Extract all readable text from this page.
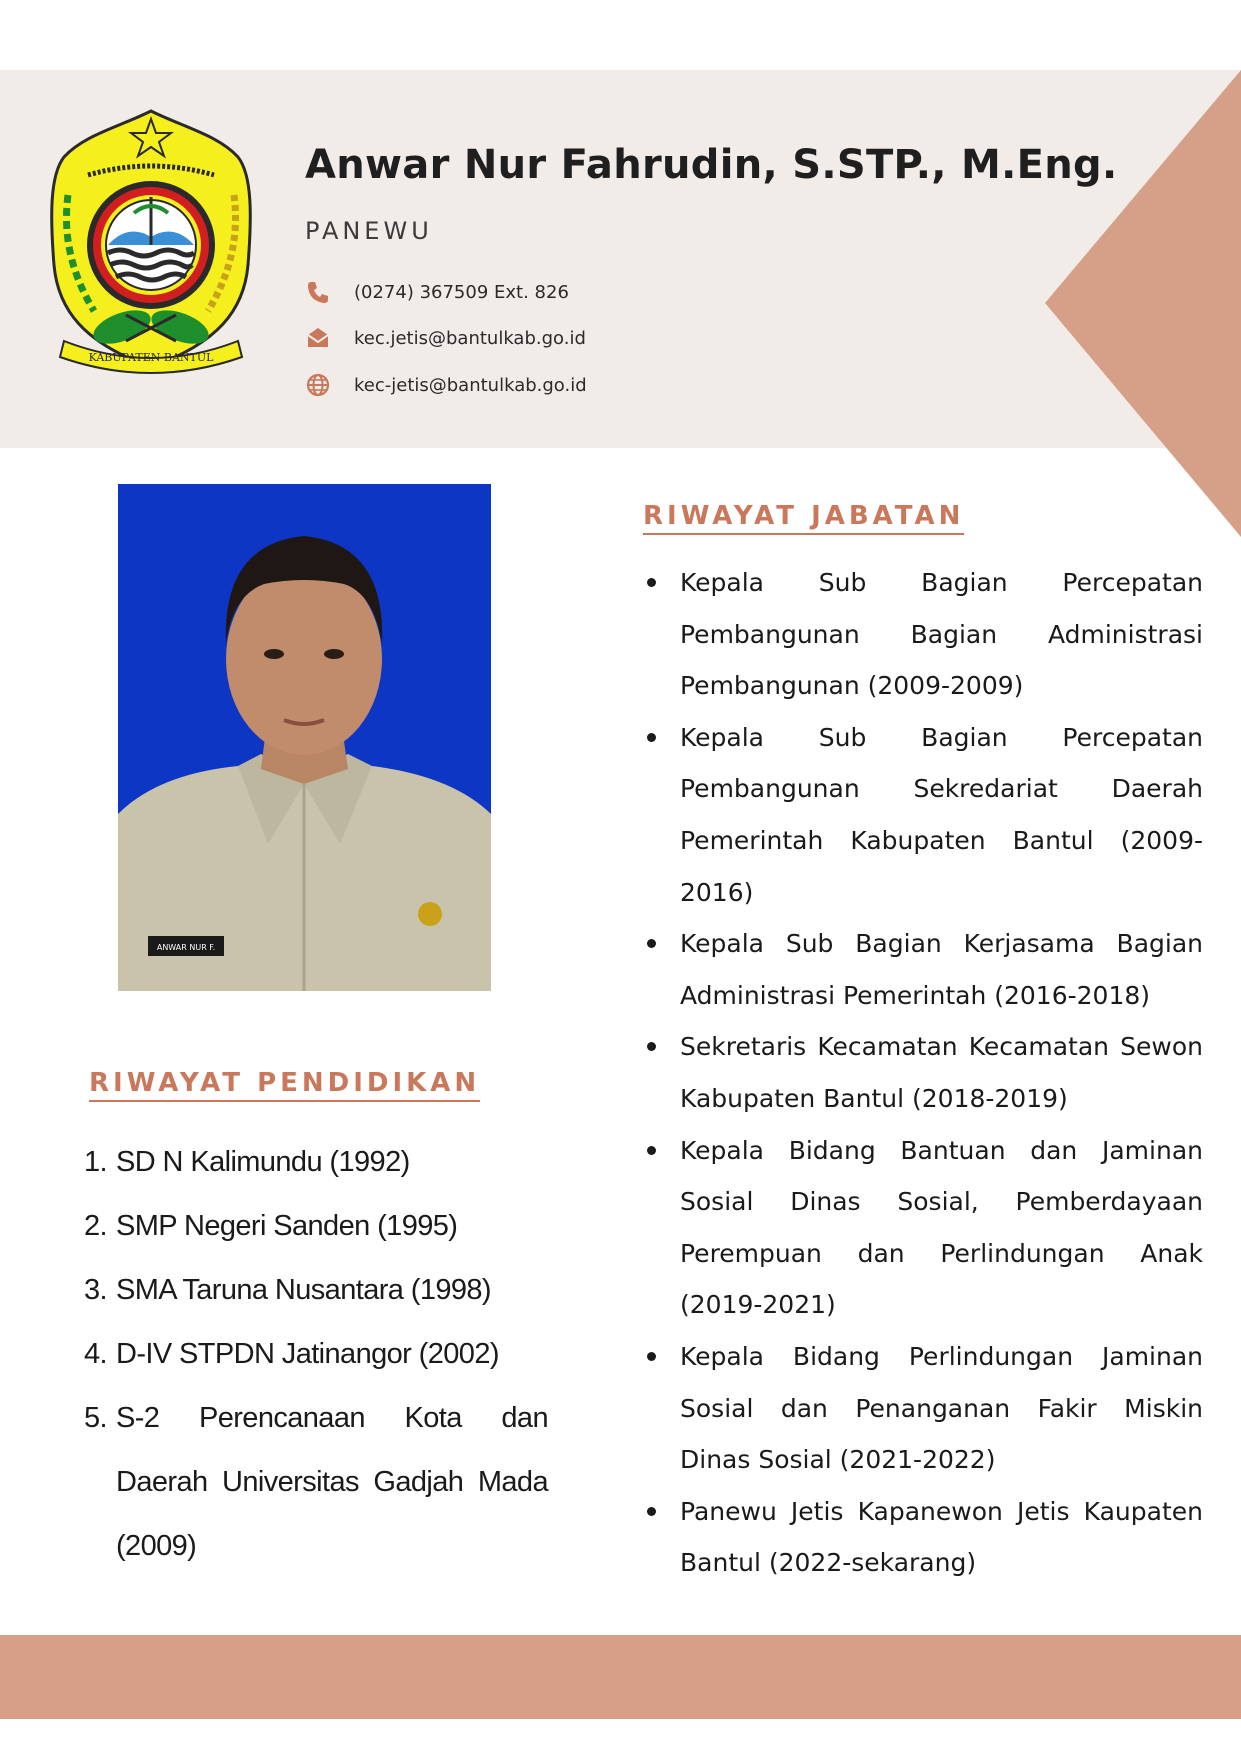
KABUPATEN BANTUL
Anwar Nur Fahrudin, S.STP., M.Eng.
PANEWU
(0274) 367509 Ext. 826
kec.jetis@bantulkab.go.id
kec-jetis@bantulkab.go.id
ANWAR NUR F.
RIWAYAT PENDIDIKAN
1. SD N Kalimundu (1992)
2. SMP Negeri Sanden (1995)
3. SMA Taruna Nusantara (1998)
4. D-IV STPDN Jatinangor (2002)
5. S-2 Perencanaan Kota dan Daerah Universitas Gadjah Mada (2009)
RIWAYAT JABATAN
Kepala Sub Bagian Percepatan Pembangunan Bagian Administrasi Pembangunan (2009-2009)
Kepala Sub Bagian Percepatan Pembangunan Sekredariat Daerah Pemerintah Kabupaten Bantul (2009-2016)
Kepala Sub Bagian Kerjasama Bagian Administrasi Pemerintah (2016-2018)
Sekretaris Kecamatan Kecamatan Sewon Kabupaten Bantul (2018-2019)
Kepala Bidang Bantuan dan Jaminan Sosial Dinas Sosial, Pemberdayaan Perempuan dan Perlindungan Anak (2019-2021)
Kepala Bidang Perlindungan Jaminan Sosial dan Penanganan Fakir Miskin Dinas Sosial (2021-2022)
Panewu Jetis Kapanewon Jetis Kaupaten Bantul (2022-sekarang)
